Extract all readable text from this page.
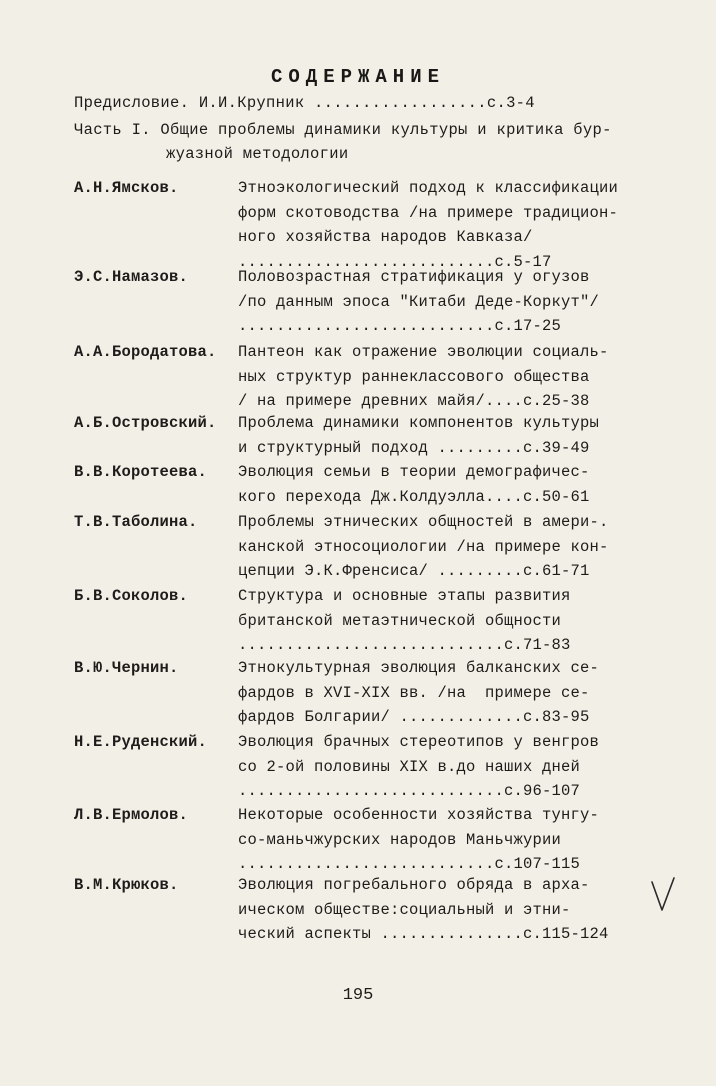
СОДЕРЖАНИЕ
Предисловие. И.И.Крупник ..................с.3-4
Часть I. Общие проблемы динамики культуры и критика бур-
жуазной методологии
А.Н.Ямсков.	Этноэкологический подход к классификации
форм скотоводства /на примере традицион-
ного хозяйства народов Кавказа/
...........................с.5-17
Э.С.Намазов.	Половозрастная стратификация у огузов
/по данным эпоса "Китаби Деде-Коркут"/
...........................с.17-25
А.А.Бородатова. Пантеон как отражение эволюции социаль-
ных структур раннеклассового общества
/ на примере древних майя/....с.25-38
А.Б.Островский. Проблема динамики компонентов культуры
и структурный подход .........с.39-49
В.В.Коротеева. Эволюция семьи в теории демографичес-
кого перехода Дж.Колдуэлла....с.50-61
Т.В.Таболина.	Проблемы этнических общностей в амери-.
канской этносоциологии /на примере кон-
цепции Э.К.Френсиса/ .........с.61-71
Б.В.Соколов.	Структура и основные этапы развития
британской метаэтнической общности
............................с.71-83
В.Ю.Чернин.	Этнокультурная эволюция балканских се-
фардов в XVI-XIX вв. /на  примере се-
фардов Болгарии/ .............с.83-95
Н.Е.Руденский. Эволюция брачных стереотипов у венгров
со 2-ой половины XIX в.до наших дней
............................с.96-107
Л.В.Ермолов.	Некоторые особенности хозяйства тунгу-
со-маньчжурских народов Маньчжурии
...........................с.107-115
В.М.Крюков.	Эволюция погребального обряда в архa-
ическом обществе:социальный и этни-
ческий аспекты ...............с.115-124
195
